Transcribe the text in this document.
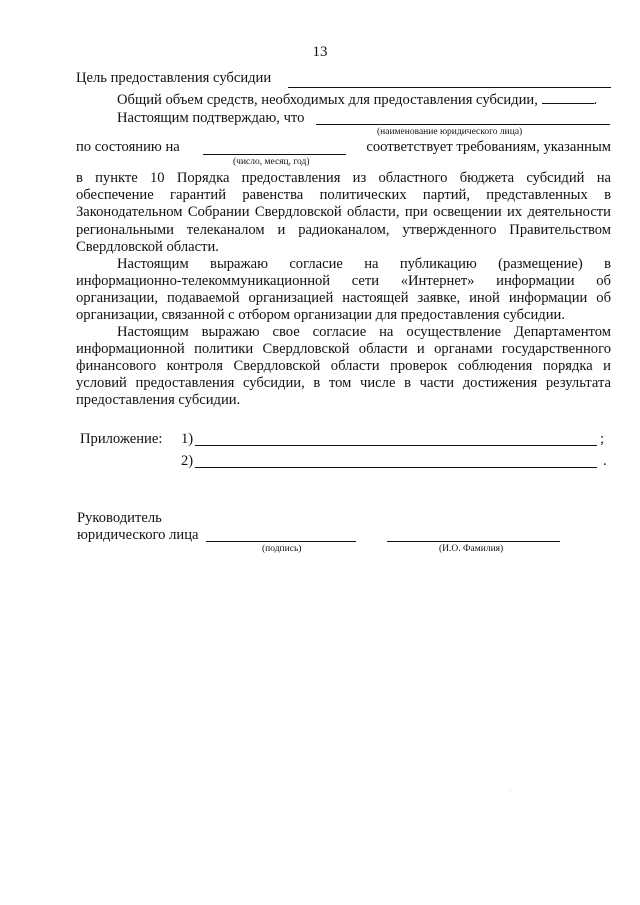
13
Цель предоставления субсидии
Общий объем средств, необходимых для предоставления субсидии,	.
Настоящим подтверждаю, что
(наименование юридического лица)
по состоянию на	соответствует требованиям, указанным
(число, месяц, год)
в пункте 10 Порядка предоставления из областного бюджета субсидий на обеспечение гарантий равенства политических партий, представленных в Законодательном Собрании Свердловской области, при освещении их деятельности региональными телеканалом и радиоканалом, утвержденного Правительством Свердловской области.
Настоящим выражаю согласие на публикацию (размещение) в информационно-телекоммуникационной сети «Интернет» информации об организации, подаваемой организацией настоящей заявке, иной информации об организации, связанной с отбором организации для предоставления субсидии.
Настоящим выражаю свое согласие на осуществление Департаментом информационной политики Свердловской области и органами государственного финансового контроля Свердловской области проверок соблюдения порядка и условий предоставления субсидии, в том числе в части достижения результата предоставления субсидии.
Приложение: 1)	;
2)	.
Руководитель
юридического лица
(подпись)	(И.О. Фамилия)
